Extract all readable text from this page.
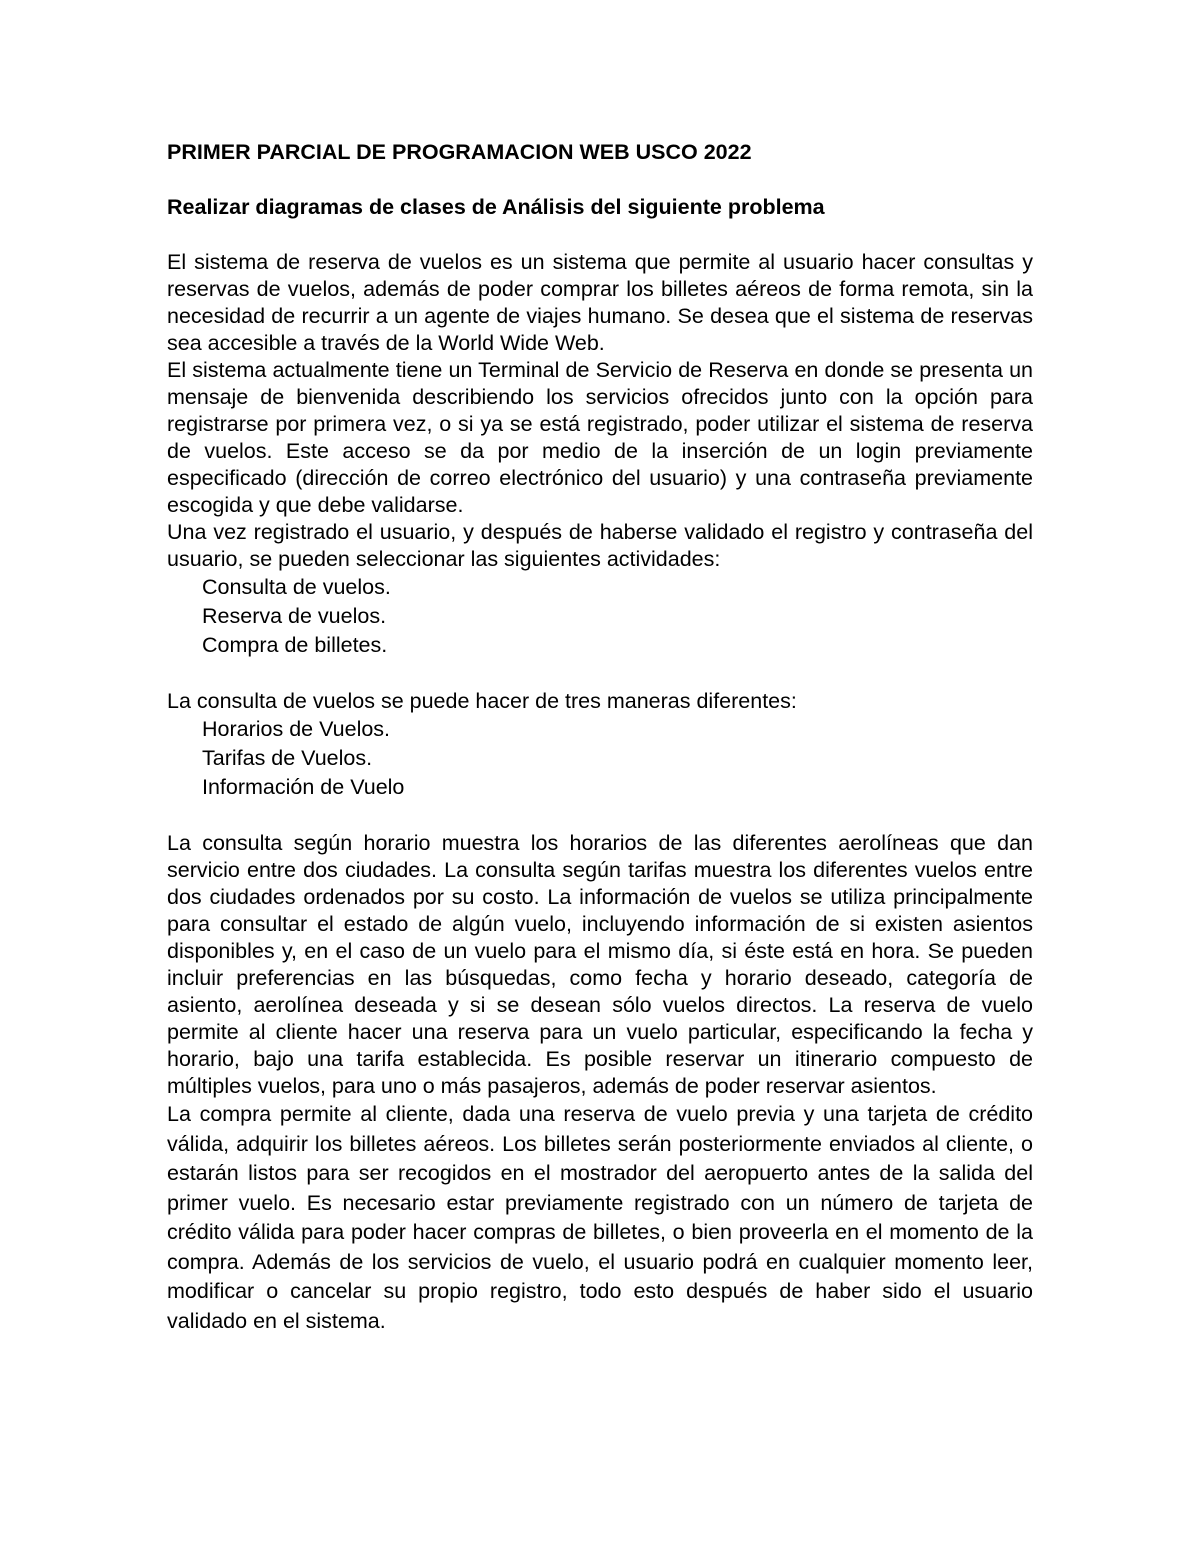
PRIMER PARCIAL DE PROGRAMACION WEB USCO 2022

Realizar diagramas de clases de Análisis del siguiente problema

El sistema de reserva de vuelos es un sistema que permite al usuario hacer consultas y reservas de vuelos, además de poder comprar los billetes aéreos de forma remota, sin la necesidad de recurrir a un agente de viajes humano. Se desea que el sistema de reservas sea accesible a través de la World Wide Web.

El sistema actualmente tiene un Terminal de Servicio de Reserva en donde se presenta un mensaje de bienvenida describiendo los servicios ofrecidos junto con la opción para registrarse por primera vez, o si ya se está registrado, poder utilizar el sistema de reserva de vuelos. Este acceso se da por medio de la inserción de un login previamente especificado (dirección de correo electrónico del usuario) y una contraseña previamente escogida y que debe validarse.

Una vez registrado el usuario, y después de haberse validado el registro y contraseña del usuario, se pueden seleccionar las siguientes actividades:

Consulta de vuelos.
Reserva de vuelos.
Compra de billetes.

La consulta de vuelos se puede hacer de tres maneras diferentes:

Horarios de Vuelos.
Tarifas de Vuelos.
Información de Vuelo

La consulta según horario muestra los horarios de las diferentes aerolíneas que dan servicio entre dos ciudades. La consulta según tarifas muestra los diferentes vuelos entre dos ciudades ordenados por su costo. La información de vuelos se utiliza principalmente para consultar el estado de algún vuelo, incluyendo información de si existen asientos disponibles y, en el caso de un vuelo para el mismo día, si éste está en hora. Se pueden incluir preferencias en las búsquedas, como fecha y horario deseado, categoría de asiento, aerolínea deseada y si se desean sólo vuelos directos. La reserva de vuelo permite al cliente hacer una reserva para un vuelo particular, especificando la fecha y horario, bajo una tarifa establecida. Es posible reservar un itinerario compuesto de múltiples vuelos, para uno o más pasajeros, además de poder reservar asientos.

La compra permite al cliente, dada una reserva de vuelo previa y una tarjeta de crédito válida, adquirir los billetes aéreos. Los billetes serán posteriormente enviados al cliente, o estarán listos para ser recogidos en el mostrador del aeropuerto antes de la salida del primer vuelo. Es necesario estar previamente registrado con un número de tarjeta de crédito válida para poder hacer compras de billetes, o bien proveerla en el momento de la compra. Además de los servicios de vuelo, el usuario podrá en cualquier momento leer, modificar o cancelar su propio registro, todo esto después de haber sido el usuario validado en el sistema.
